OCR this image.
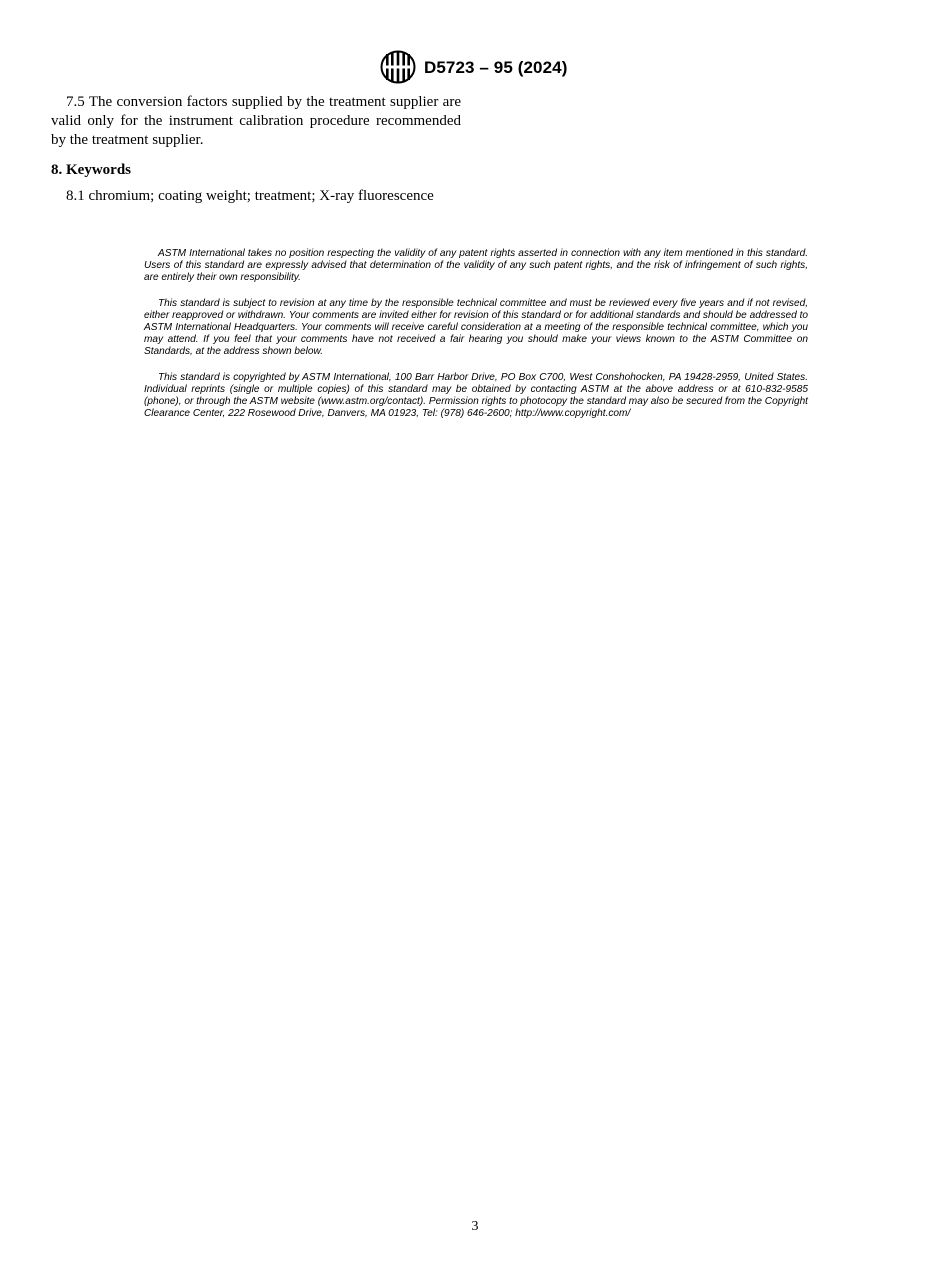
D5723 – 95 (2024)

7.5 The conversion factors supplied by the treatment supplier are valid only for the instrument calibration procedure recommended by the treatment supplier.

8. Keywords

8.1 chromium; coating weight; treatment; X-ray fluorescence

ASTM International takes no position respecting the validity of any patent rights asserted in connection with any item mentioned in this standard. Users of this standard are expressly advised that determination of the validity of any such patent rights, and the risk of infringement of such rights, are entirely their own responsibility.

This standard is subject to revision at any time by the responsible technical committee and must be reviewed every five years and if not revised, either reapproved or withdrawn. Your comments are invited either for revision of this standard or for additional standards and should be addressed to ASTM International Headquarters. Your comments will receive careful consideration at a meeting of the responsible technical committee, which you may attend. If you feel that your comments have not received a fair hearing you should make your views known to the ASTM Committee on Standards, at the address shown below.

This standard is copyrighted by ASTM International, 100 Barr Harbor Drive, PO Box C700, West Conshohocken, PA 19428-2959, United States. Individual reprints (single or multiple copies) of this standard may be obtained by contacting ASTM at the above address or at 610-832-9585 (phone), or through the ASTM website (www.astm.org/contact). Permission rights to photocopy the standard may also be secured from the Copyright Clearance Center, 222 Rosewood Drive, Danvers, MA 01923, Tel: (978) 646-2600; http://www.copyright.com/

3
